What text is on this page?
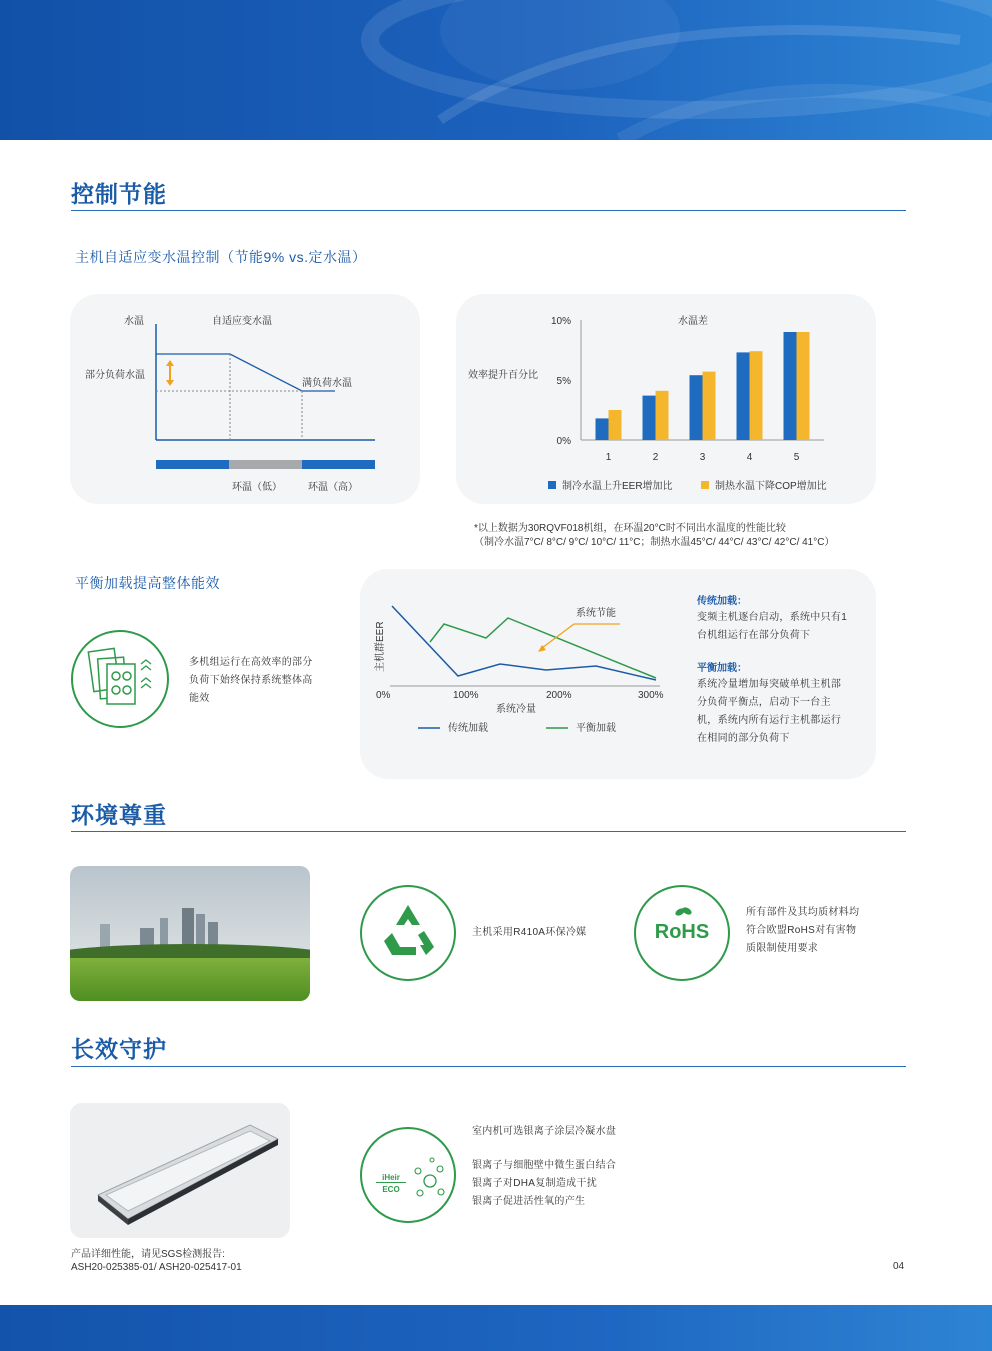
控制节能
主机自适应变水温控制（节能9% vs.定水温）
水温	自适应变水温
部分负荷水温
满负荷水温
环温（低）	环温（高）
效率提升百分比
水温差
0%
5%
10%
1	2	3	4	5
制冷水温上升EER增加比	制热水温下降COP增加比
*以上数据为30RQVF018机组，在环温20°C时不同出水温度的性能比较
（制冷水温7°C/ 8°C/ 9°C/ 10°C/ 11°C；制热水温45°C/ 44°C/ 43°C/ 42°C/ 41°C）
平衡加载提高整体能效
多机组运行在高效率的部分
负荷下始终保持系统整体高
能效
主机群EER
系统节能
0%	100%	200%	300%
系统冷量
传统加载	平衡加载
传统加载：
变频主机逐台启动，系统中只有1
台机组运行在部分负荷下
平衡加载：
系统冷量增加每突破单机主机部
分负荷平衡点，启动下一台主
机，系统内所有运行主机都运行
在相同的部分负荷下
环境尊重
主机采用R410A环保冷媒	RoHS
所有部件及其均质材料均
符合欧盟RoHS对有害物
质限制使用要求
长效守护
iHeir
ECO
室内机可选银离子涂层冷凝水盘
银离子与细胞壁中微生蛋白结合
银离子对DHA复制造成干扰
银离子促进活性氧的产生
产品详细性能，请见SGS检测报告:
ASH20-025385-01/ ASH20-025417-01	04
